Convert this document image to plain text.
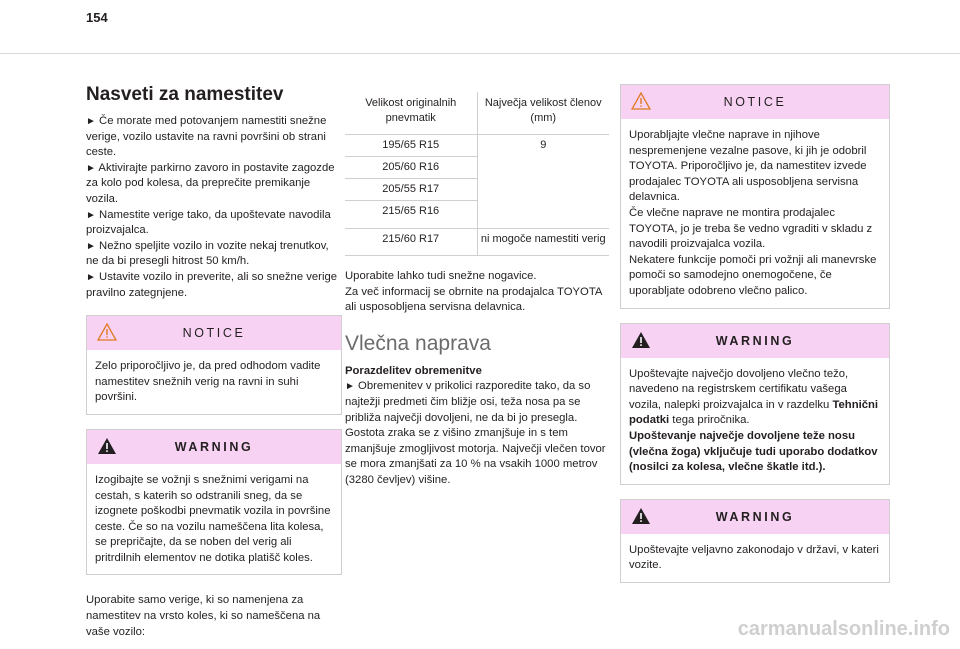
154
Nasveti za namestitev

► Če morate med potovanjem namestiti snežne verige, vozilo ustavite na ravni površini ob strani ceste.

► Aktivirajte parkirno zavoro in postavite zagozde za kolo pod kolesa, da preprečite premikanje vozila.

► Namestite verige tako, da upoštevate navodila proizvajalca.

► Nežno speljite vozilo in vozite nekaj trenutkov, ne da bi presegli hitrost 50 km/h.

► Ustavite vozilo in preverite, ali so snežne verige pravilno zategnjene.

NOTICE
Zelo priporočljivo je, da pred odhodom vadite namestitev snežnih verig na ravni in suhi površini.
WARNING
Izogibajte se vožnji s snežnimi verigami na cestah, s katerih so odstranili sneg, da se izognete poškodbi pnevmatik vozila in površine ceste. Če so na vozilu nameščena lita kolesa, se prepričajte, da se noben del verig ali pritrdilnih elementov ne dotika platišč koles.
Uporabite samo verige, ki so namenjena za namestitev na vrsto koles, ki so nameščena na vaše vozilo:
Velikost originalnih pnevmatik	Največja velikost členov (mm)
195/65 R15	9
205/60 R16	
205/55 R17	
215/65 R16	
215/60 R17	ni mogoče namestiti verig
Uporabite lahko tudi snežne nogavice.
Za več informacij se obrnite na prodajalca TOYOTA ali usposobljena servisna delavnica.
Vlečna naprava
Porazdelitev obremenitve
► Obremenitev v prikolici razporedite tako, da so najtežji predmeti čim bližje osi, teža nosa pa se približa največji dovoljeni, ne da bi jo presegla.
Gostota zraka se z višino zmanjšuje in s tem zmanjšuje zmogljivost motorja. Največji vlečen tovor se mora zmanjšati za 10 % na vsakih 1000 metrov (3280 čevljev) višine.
NOTICE
Uporabljajte vlečne naprave in njihove nespremenjene vezalne pasove, ki jih je odobril TOYOTA. Priporočljivo je, da namestitev izvede prodajalec TOYOTA ali usposobljena servisna delavnica.
Če vlečne naprave ne montira prodajalec TOYOTA, jo je treba še vedno vgraditi v skladu z navodili proizvajalca vozila.
Nekatere funkcije pomoči pri vožnji ali manevrske pomoči so samodejno onemogočene, če uporabljate odobreno vlečno palico.
WARNING
Upoštevajte največjo dovoljeno vlečno težo, navedeno na registrskem certifikatu vašega vozila, nalepki proizvajalca in v razdelku Tehnični podatki tega priročnika.
Upoštevanje največje dovoljene teže nosu (vlečna žoga) vključuje tudi uporabo dodatkov (nosilci za kolesa, vlečne škatle itd.).
WARNING
Upoštevajte veljavno zakonodajo v državi, v kateri vozite.
carmanualsonline.info
